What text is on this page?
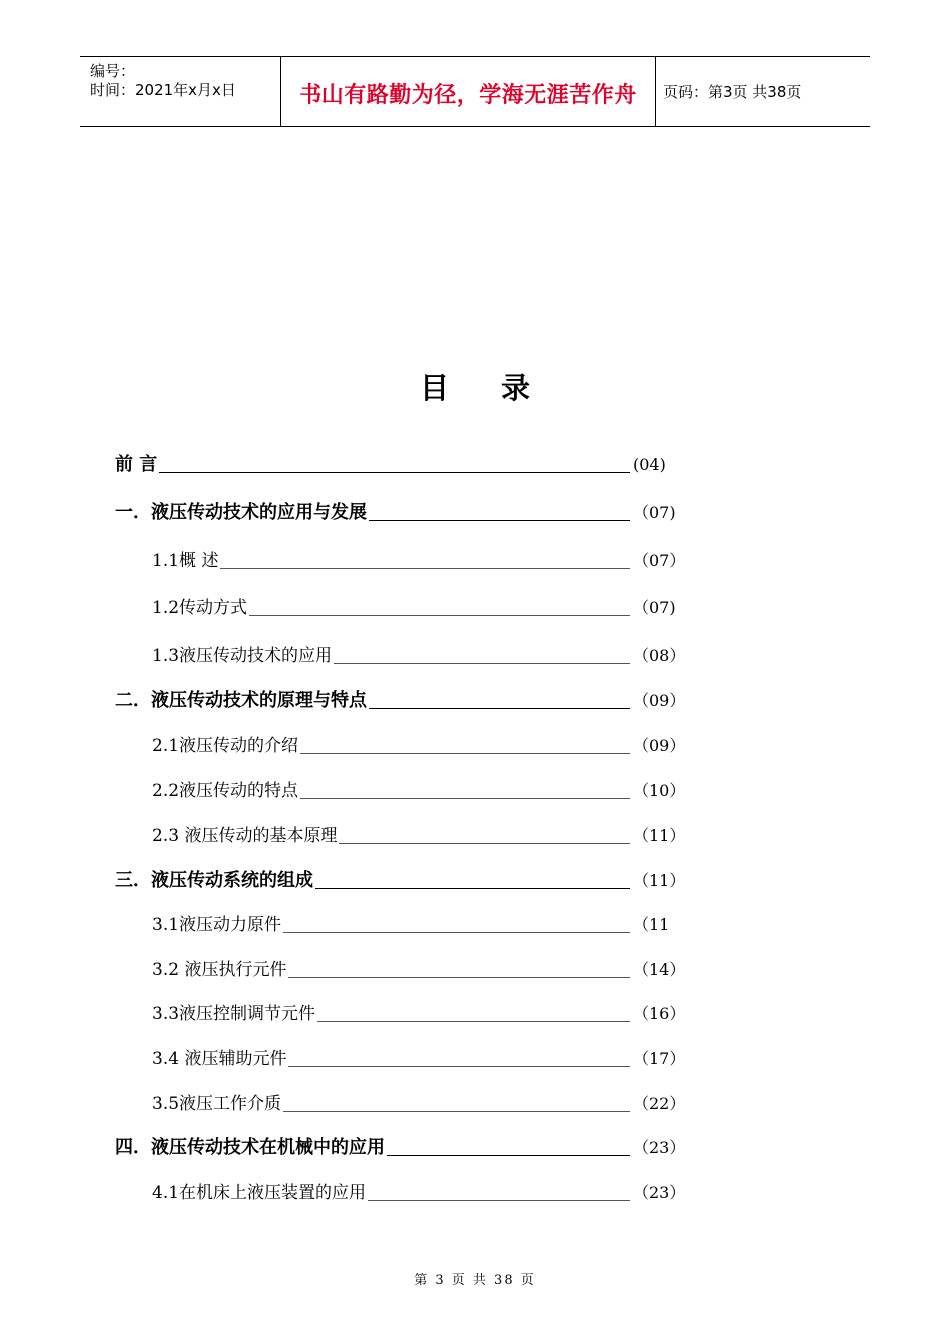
编号：
时间：2021年x月x日	书山有路勤为径，学海无涯苦作舟	页码：第3页 共38页
目录
前 言	(04)
一．液压传动技术的应用与发展	（07)
1.1概 述	（07）
1.2传动方式	（07)
1.3液压传动技术的应用	（08）
二．液压传动技术的原理与特点	（09）
2.1液压传动的介绍	（09）
2.2液压传动的特点	（10）
2.3 液压传动的基本原理	（11）
三．液压传动系统的组成	（11）
3.1液压动力原件	（11
3.2 液压执行元件	（14）
3.3液压控制调节元件	（16）
3.4 液压辅助元件	（17）
3.5液压工作介质	（22）
四．液压传动技术在机械中的应用	（23）
4.1在机床上液压装置的应用	（23）
第 3 页 共 38 页
